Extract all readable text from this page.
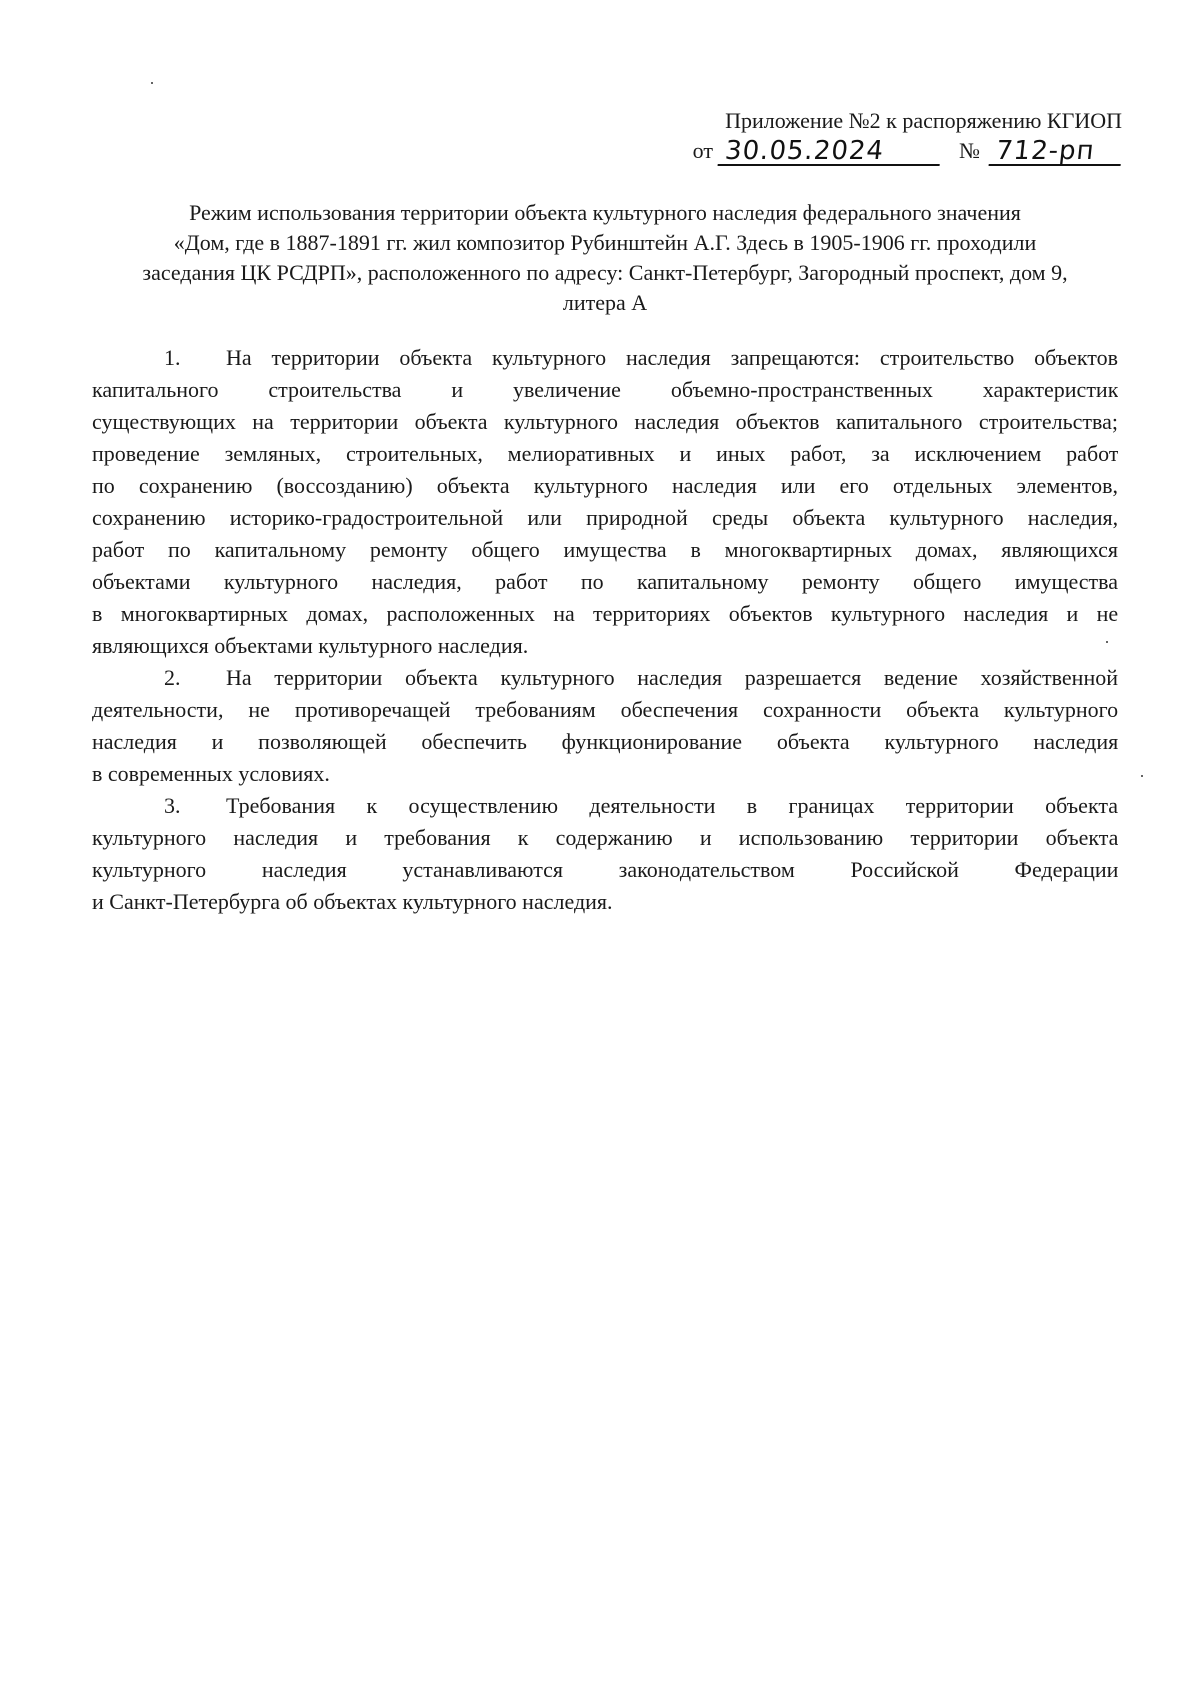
Приложение №2 к распоряжению КГИОП
от 30.05.2024	№ 712-рп
Режим использования территории объекта культурного наследия федерального значения
«Дом, где в 1887-1891 гг. жил композитор Рубинштейн А.Г. Здесь в 1905-1906 гг. проходили
заседания ЦК РСДРП», расположенного по адресу: Санкт-Петербург, Загородный проспект, дом 9,
литера А
1. На территории объекта культурного наследия запрещаются: строительство объектов
капитального строительства и увеличение объемно-пространственных характеристик
существующих на территории объекта культурного наследия объектов капитального строительства;
проведение земляных, строительных, мелиоративных и иных работ, за исключением работ
по сохранению (воссозданию) объекта культурного наследия или его отдельных элементов,
сохранению историко-градостроительной или природной среды объекта культурного наследия,
работ по капитальному ремонту общего имущества в многоквартирных домах, являющихся
объектами культурного наследия, работ по капитальному ремонту общего имущества
в многоквартирных домах, расположенных на территориях объектов культурного наследия и не
являющихся объектами культурного наследия.
2. На территории объекта культурного наследия разрешается ведение хозяйственной
деятельности, не противоречащей требованиям обеспечения сохранности объекта культурного
наследия и позволяющей обеспечить функционирование объекта культурного наследия
в современных условиях.
3. Требования к осуществлению деятельности в границах территории объекта
культурного наследия и требования к содержанию и использованию территории объекта
культурного наследия устанавливаются законодательством Российской Федерации
и Санкт-Петербурга об объектах культурного наследия.
